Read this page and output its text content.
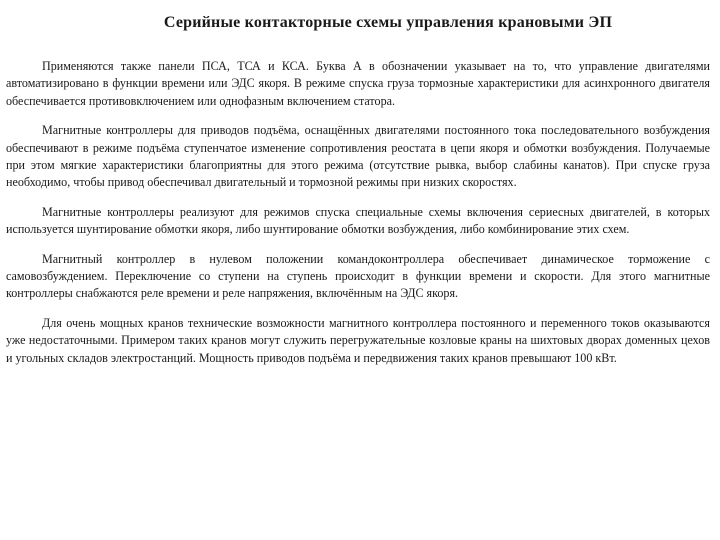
Серийные контакторные схемы управления крановыми ЭП

Применяются также панели ПСА, ТСА и КСА. Буква А в обозначении указывает на то, что управление двигателями автоматизировано в функции времени или ЭДС якоря. В режиме спуска груза тормозные характеристики для асинхронного двигателя обеспечивается противовключением или однофазным включением статора.

Магнитные контроллеры для приводов подъёма, оснащённых двигателями постоянного тока последовательного возбуждения обеспечивают в режиме подъёма ступенчатое изменение сопротивления реостата в цепи якоря и обмотки возбуждения. Получаемые при этом мягкие характеристики благоприятны для этого режима (отсутствие рывка, выбор слабины канатов). При спуске груза необходимо, чтобы привод обеспечивал двигательный и тормозной режимы при низких скоростях.

Магнитные контроллеры реализуют для режимов спуска специальные схемы включения сериесных двигателей, в которых используется шунтирование обмотки якоря, либо шунтирование обмотки возбуждения, либо комбинирование этих схем.

Магнитный контроллер в нулевом положении командоконтроллера обеспечивает динамическое торможение с самовозбуждением. Переключение со ступени на ступень происходит в функции времени и скорости. Для этого магнитные контроллеры снабжаются реле времени и реле напряжения, включённым на ЭДС якоря.

Для очень мощных кранов технические возможности магнитного контроллера постоянного и переменного токов оказываются уже недостаточными. Примером таких кранов могут служить перегружательные козловые краны на шихтовых дворах доменных цехов и угольных складов электростанций. Мощность приводов подъёма и передвижения таких кранов превышают 100 кВт.
